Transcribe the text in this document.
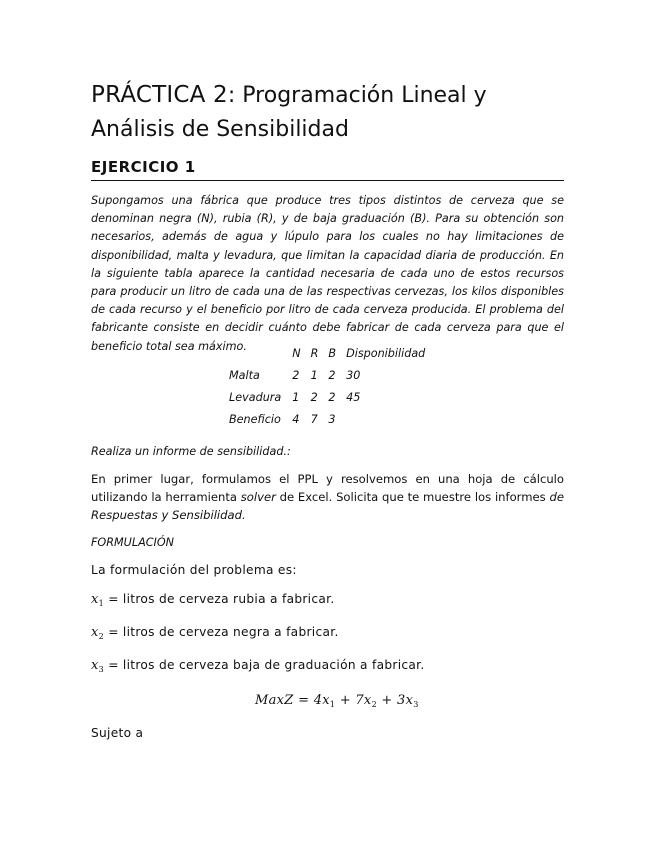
PRÁCTICA 2: Programación Lineal y Análisis de Sensibilidad
EJERCICIO 1

Supongamos una fábrica que produce tres tipos distintos de cerveza que se denominan negra (N), rubia (R), y de baja graduación (B). Para su obtención son necesarios, además de agua y lúpulo para los cuales no hay limitaciones de disponibilidad, malta y levadura, que limitan la capacidad diaria de producción. En la siguiente tabla aparece la cantidad necesaria de cada uno de estos recursos para producir un litro de cada una de las respectivas cervezas, los kilos disponibles de cada recurso y el beneficio por litro de cada cerveza producida. El problema del fabricante consiste en decidir cuánto debe fabricar de cada cerveza para que el beneficio total sea máximo.

	N	R	B	Disponibilidad
Malta	2	1	2	30
Levadura	1	2	2	45
Beneficio	4	7	3	
Realiza un informe de sensibilidad.:

En primer lugar, formulamos el PPL y resolvemos en una hoja de cálculo utilizando la herramienta solver de Excel. Solicita que te muestre los informes de Respuestas y Sensibilidad.

FORMULACIÓN
La formulación del problema es:
$x_1$ = litros de cerveza rubia a fabricar.
$x_2$ = litros de cerveza negra a fabricar.
$x_3$ = litros de cerveza baja de graduación a fabricar.
MaxZ = $4x_1 + 7x_2 + 3x_3$
Sujeto a
